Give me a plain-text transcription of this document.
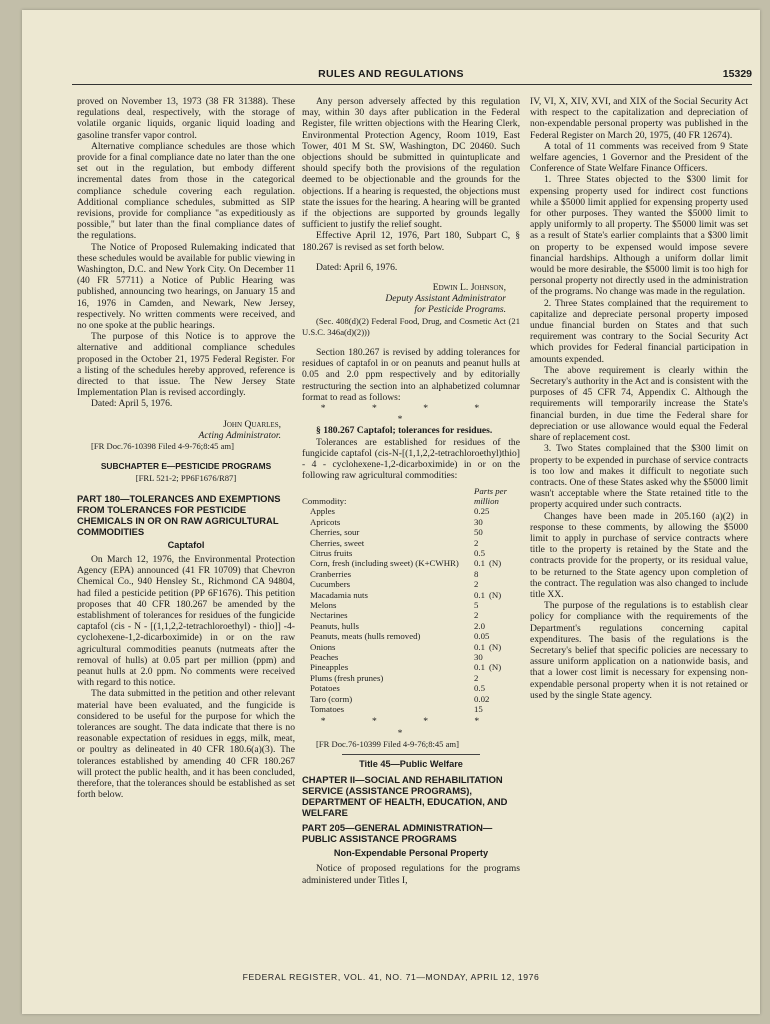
RULES AND REGULATIONS	15329

proved on November 13, 1973 (38 FR 31388). These regulations deal, respectively, with the storage of volatile organic liquids, organic liquid loading and gasoline transfer vapor control.

Alternative compliance schedules are those which provide for a final compliance date no later than the one set out in the regulation, but embody different incremental dates from those in the categorical compliance schedule covering each regulation. Additional compliance schedules, submitted as SIP revisions, provide for compliance "as expeditiously as possible," but later than the final compliance dates of the regulations.

The Notice of Proposed Rulemaking indicated that these schedules would be available for public viewing in Washington, D.C. and New York City. On December 11 (40 FR 57711) a Notice of Public Hearing was published, announcing two hearings, on January 15 and 16, 1976 in Camden, and Newark, New Jersey, respectively. No written comments were received, and no one spoke at the public hearings.

The purpose of this Notice is to approve the alternative and additional compliance schedules proposed in the October 21, 1975 Federal Register. For a listing of the schedules hereby approved, reference is directed to that issue. The New Jersey State Implementation Plan is revised accordingly.

Dated: April 5, 1976.

John Quarles,
Acting Administrator.

[FR Doc.76-10398 Filed 4-9-76;8:45 am]

SUBCHAPTER E—PESTICIDE PROGRAMS
[FRL 521-2; PP6F1676/R87]
PART 180—TOLERANCES AND EXEMPTIONS FROM TOLERANCES FOR PESTICIDE CHEMICALS IN OR ON RAW AGRICULTURAL COMMODITIES
Captafol

On March 12, 1976, the Environmental Protection Agency (EPA) announced (41 FR 10709) that Chevron Chemical Co., 940 Hensley St., Richmond CA 94804, had filed a pesticide petition (PP 6F1676). This petition proposes that 40 CFR 180.267 be amended by the establishment of tolerances for residues of the fungicide captafol (cis - N - [(1,1,2,2-tetrachloroethyl) - thio]] -4-cyclohexene-1,2-dicarboximide) in or on the raw agricultural commodities peanuts (nutmeats after the removal of hulls) at 0.05 part per million (ppm) and peanut hulls at 2.0 ppm. No comments were received with regard to this notice.

The data submitted in the petition and other relevant material have been evaluated, and the fungicide is considered to be useful for the purpose for which the tolerances are sought. The data indicate that there is no reasonable expectation of residues in eggs, milk, meat, or poultry as delineated in 40 CFR 180.6(a)(3). The tolerances established by amending 40 CFR 180.267 will protect the public health, and it has been concluded, therefore, that the tolerances should be established as set forth below.

Any person adversely affected by this regulation may, within 30 days after publication in the Federal Register, file written objections with the Hearing Clerk, Environmental Protection Agency, Room 1019, East Tower, 401 M St. SW, Washington, DC 20460. Such objections should be submitted in quintuplicate and should specify both the provisions of the regulation deemed to be objectionable and the grounds for the objections. If a hearing is requested, the objections must state the issues for the hearing. A hearing will be granted if the objections are supported by grounds legally sufficient to justify the relief sought.

Effective April 12, 1976, Part 180, Subpart C, § 180.267 is revised as set forth below.

Dated: April 6, 1976.

Edwin L. Johnson,
Deputy Assistant Administrator
for Pesticide Programs.

(Sec. 408(d)(2) Federal Food, Drug, and Cosmetic Act (21 U.S.C. 346a(d)(2)))

Section 180.267 is revised by adding tolerances for residues of captafol in or on peanuts and peanut hulls at 0.05 and 2.0 ppm respectively and by editorially restructuring the section into an alphabetized columnar format to read as follows:

* * * * *

§ 180.267 Captafol; tolerances for residues.

Tolerances are established for residues of the fungicide captafol (cis-N-[(1,1,2,2-tetrachloroethyl)thio] - 4 - cyclohexene-1,2-dicarboximide) in or on the following raw agricultural commodities:

Commodity:	Parts per
million
Apples	0.25
Apricots	30
Cherries, sour	50
Cherries, sweet	2
Citrus fruits	0.5
Corn, fresh (including sweet) (K+CWHR)	0.1 (N)
Cranberries	8
Cucumbers	2
Macadamia nuts	0.1 (N)
Melons	5
Nectarines	2
Peanuts, hulls	2.0
Peanuts, meats (hulls removed)	0.05
Onions	0.1 (N)
Peaches	30
Pineapples	0.1 (N)
Plums (fresh prunes)	2
Potatoes	0.5
Taro (corm)	0.02
Tomatoes	15
* * * * *

[FR Doc.76-10399 Filed 4-9-76;8:45 am]

Title 45—Public Welfare
CHAPTER II—SOCIAL AND REHABILITATION SERVICE (ASSISTANCE PROGRAMS), DEPARTMENT OF HEALTH, EDUCATION, AND WELFARE
PART 205—GENERAL ADMINISTRATION—PUBLIC ASSISTANCE PROGRAMS
Non-Expendable Personal Property

Notice of proposed regulations for the programs administered under Titles I,

IV, VI, X, XIV, XVI, and XIX of the Social Security Act with respect to the capitalization and depreciation of non-expendable personal property was published in the Federal Register on March 20, 1975, (40 FR 12674).

A total of 11 comments was received from 9 State welfare agencies, 1 Governor and the President of the Conference of State Welfare Finance Officers.

1. Three States objected to the $300 limit for expensing property used for indirect cost functions while a $5000 limit applied for expensing property used for other purposes. They wanted the $5000 limit to apply uniformly to all property. The $5000 limit was set as a result of State's earlier complaints that a $300 limit on property to be expensed would impose severe financial hardships. Although a uniform dollar limit would be more desirable, the $5000 limit is too high for personal property not directly used in the administration of the programs. No change was made in the regulation.

2. Three States complained that the requirement to capitalize and depreciate personal property imposed undue financial burden on States and that such requirement was contrary to the Social Security Act which provides for Federal financial participation in amounts expended.

The above requirement is clearly within the Secretary's authority in the Act and is consistent with the purposes of 45 CFR 74, Appendix C. Although the requirements will temporarily increase the State's financial burden, in due time the Federal share for depreciation or use allowance would equal the Federal share of replacement cost.

3. Two States complained that the $300 limit on property to be expended in purchase of service contracts is too low and makes it difficult to negotiate such contracts. One of these States asked why the $5000 limit wasn't acceptable where the State retained title to the property acquired under such contracts.

Changes have been made in 205.160 (a)(2) in response to these comments, by allowing the $5000 limit to apply in purchase of service contracts where title to the property is retained by the State and the contracts provide for the property, or its residual value, to be returned to the State agency upon completion of the contract. The regulation was also changed to include title XX.

The purpose of the regulations is to establish clear policy for compliance with the requirements of the Department's regulations concerning capital expenditures. The basis of the regulations is the Secretary's belief that specific policies are necessary to assure uniform application on a nationwide basis, and that a lower cost limit is necessary for expensing non-expendable personal property when it is not retained or used by the single State agency.

FEDERAL REGISTER, VOL. 41, NO. 71—MONDAY, APRIL 12, 1976
